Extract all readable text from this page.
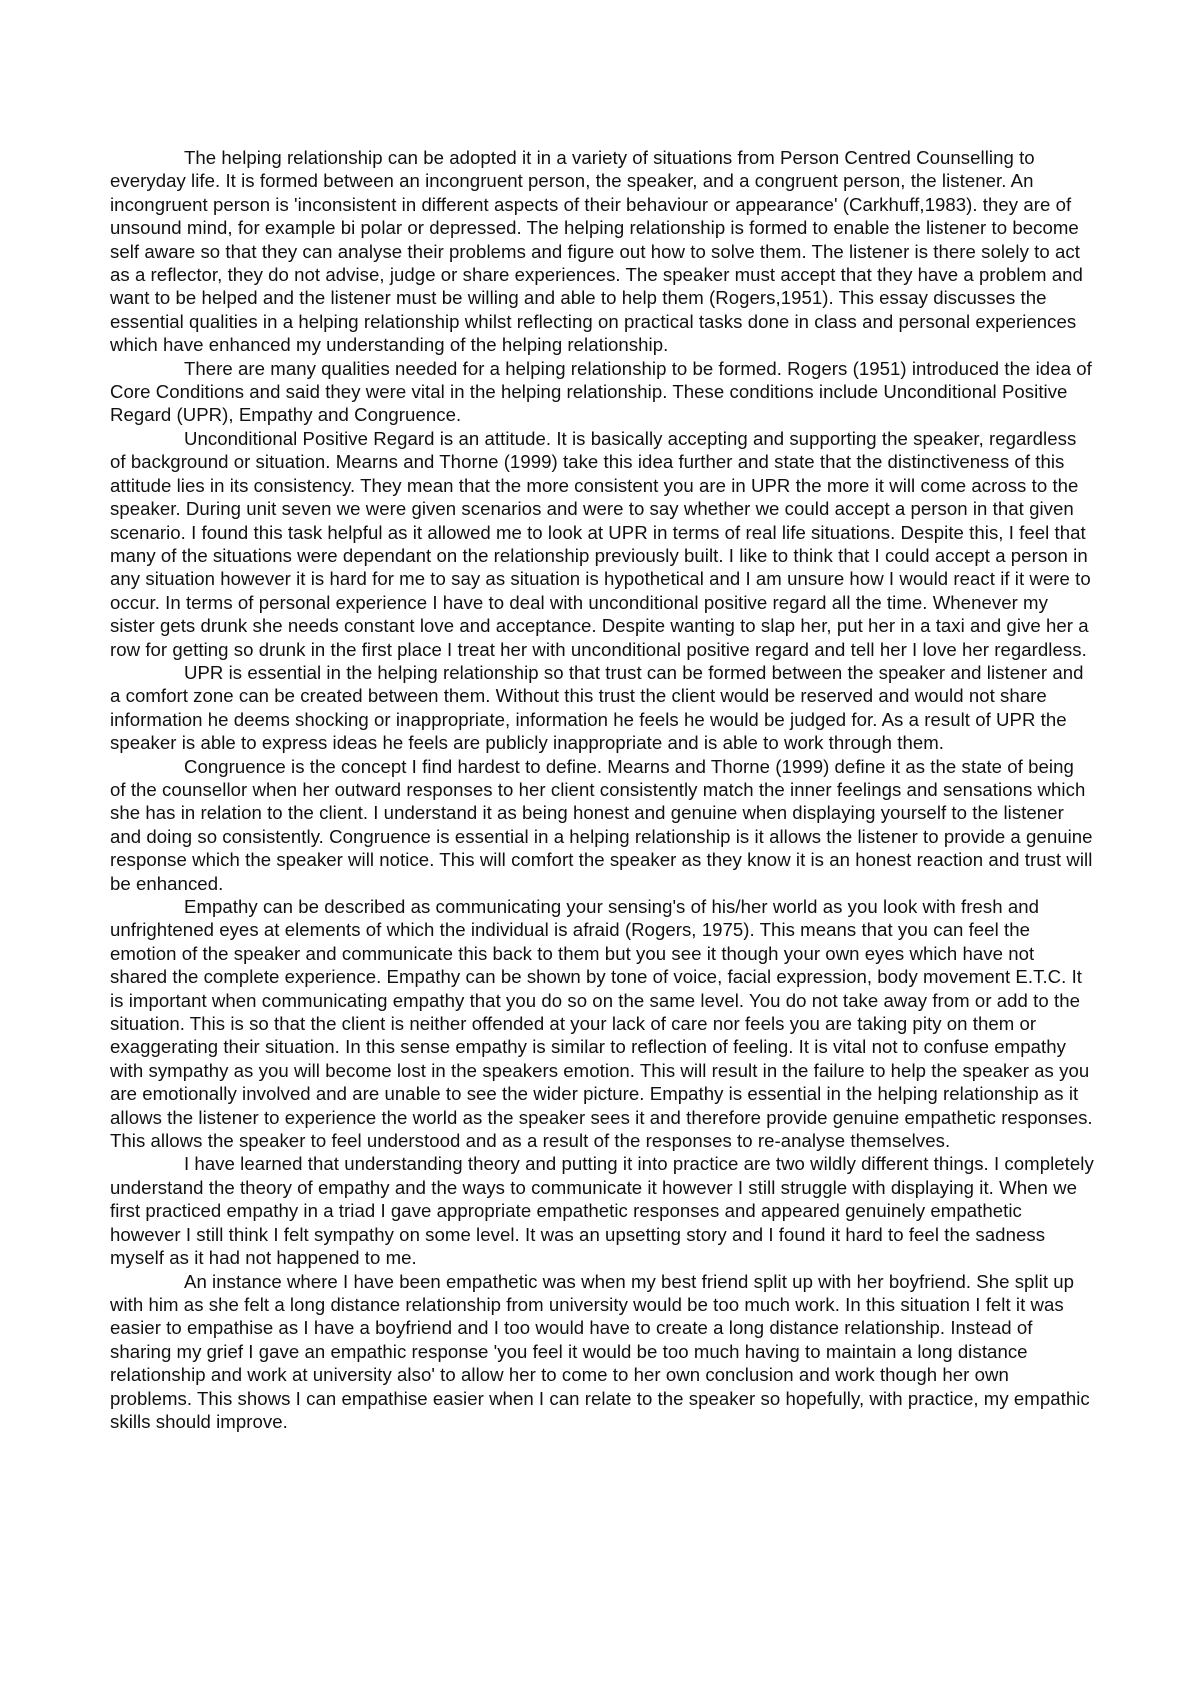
The helping relationship can be adopted it in a variety of situations from Person Centred Counselling to everyday life. It is formed between an incongruent person, the speaker, and a congruent person, the listener. An incongruent person is 'inconsistent in different aspects of their behaviour or appearance' (Carkhuff,1983). they are of unsound mind, for example bi polar or depressed. The helping relationship is formed to enable the listener to become self aware so that they can analyse their problems and figure out how to solve them. The listener is there solely to act as a reflector, they do not advise, judge or share experiences. The speaker must accept that they have a problem and want to be helped and the listener must be willing and able to help them (Rogers,1951). This essay discusses the essential qualities in a helping relationship whilst reflecting on practical tasks done in class and personal experiences which have enhanced my understanding of the helping relationship.

There are many qualities needed for a helping relationship to be formed. Rogers (1951) introduced the idea of Core Conditions and said they were vital in the helping relationship. These conditions include Unconditional Positive Regard (UPR), Empathy and Congruence.

Unconditional Positive Regard is an attitude. It is basically accepting and supporting the speaker, regardless of background or situation. Mearns and Thorne (1999) take this idea further and state that the distinctiveness of this attitude lies in its consistency. They mean that the more consistent you are in UPR the more it will come across to the speaker. During unit seven we were given scenarios and were to say whether we could accept a person in that given scenario. I found this task helpful as it allowed me to look at UPR in terms of real life situations. Despite this, I feel that many of the situations were dependant on the relationship previously built. I like to think that I could accept a person in any situation however it is hard for me to say as situation is hypothetical and I am unsure how I would react if it were to occur. In terms of personal experience I have to deal with unconditional positive regard all the time. Whenever my sister gets drunk she needs constant love and acceptance. Despite wanting to slap her, put her in a taxi and give her a row for getting so drunk in the first place I treat her with unconditional positive regard and tell her I love her regardless.

UPR is essential in the helping relationship so that trust can be formed between the speaker and listener and a comfort zone can be created between them. Without this trust the client would be reserved and would not share information he deems shocking or inappropriate, information he feels he would be judged for. As a result of UPR the speaker is able to express ideas he feels are publicly inappropriate and is able to work through them.

Congruence is the concept I find hardest to define. Mearns and Thorne (1999) define it as the state of being of the counsellor when her outward responses to her client consistently match the inner feelings and sensations which she has in relation to the client. I understand it as being honest and genuine when displaying yourself to the listener and doing so consistently. Congruence is essential in a helping relationship is it allows the listener to provide a genuine response which the speaker will notice. This will comfort the speaker as they know it is an honest reaction and trust will be enhanced.

Empathy can be described as communicating your sensing's of his/her world as you look with fresh and unfrightened eyes at elements of which the individual is afraid (Rogers, 1975). This means that you can feel the emotion of the speaker and communicate this back to them but you see it though your own eyes which have not shared the complete experience. Empathy can be shown by tone of voice, facial expression, body movement E.T.C. It is important when communicating empathy that you do so on the same level. You do not take away from or add to the situation. This is so that the client is neither offended at your lack of care nor feels you are taking pity on them or exaggerating their situation. In this sense empathy is similar to reflection of feeling. It is vital not to confuse empathy with sympathy as you will become lost in the speakers emotion. This will result in the failure to help the speaker as you are emotionally involved and are unable to see the wider picture. Empathy is essential in the helping relationship as it allows the listener to experience the world as the speaker sees it and therefore provide genuine empathetic responses. This allows the speaker to feel understood and as a result of the responses to re-analyse themselves.

I have learned that understanding theory and putting it into practice are two wildly different things. I completely understand the theory of empathy and the ways to communicate it however I still struggle with displaying it. When we first practiced empathy in a triad I gave appropriate empathetic responses and appeared genuinely empathetic however I still think I felt sympathy on some level. It was an upsetting story and I found it hard to feel the sadness myself as it had not happened to me.

An instance where I have been empathetic was when my best friend split up with her boyfriend. She split up with him as she felt a long distance relationship from university would be too much work. In this situation I felt it was easier to empathise as I have a boyfriend and I too would have to create a long distance relationship. Instead of sharing my grief I gave an empathic response 'you feel it would be too much having to maintain a long distance relationship and work at university also' to allow her to come to her own conclusion and work though her own problems. This shows I can empathise easier when I can relate to the speaker so hopefully, with practice, my empathic skills should improve.
